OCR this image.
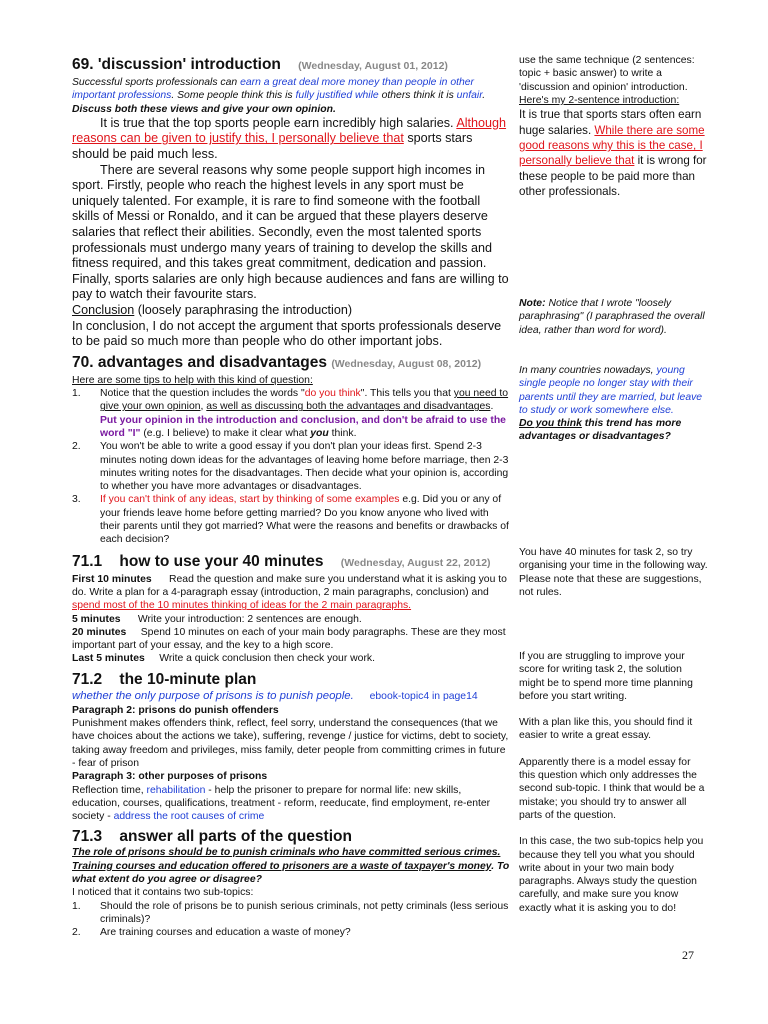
69. 'discussion' introduction (Wednesday, August 01, 2012)

Successful sports professionals can earn a great deal more money than people in other important professions. Some people think this is fully justified while others think it is unfair.

Discuss both these views and give your own opinion.

It is true that the top sports people earn incredibly high salaries. Although reasons can be given to justify this, I personally believe that sports stars should be paid much less.

There are several reasons why some people support high incomes in sport. Firstly, people who reach the highest levels in any sport must be uniquely talented. For example, it is rare to find someone with the football skills of Messi or Ronaldo, and it can be argued that these players deserve salaries that reflect their abilities. Secondly, even the most talented sports professionals must undergo many years of training to develop the skills and fitness required, and this takes great commitment, dedication and passion. Finally, sports salaries are only high because audiences and fans are willing to pay to watch their favourite stars.

Conclusion (loosely paraphrasing the introduction)

In conclusion, I do not accept the argument that sports professionals deserve to be paid so much more than people who do other important jobs.

70. advantages and disadvantages (Wednesday, August 08, 2012)

Here are some tips to help with this kind of question:

1. Notice that the question includes the words "do you think". This tells you that you need to give your own opinion, as well as discussing both the advantages and disadvantages. Put your opinion in the introduction and conclusion, and don't be afraid to use the word "I" (e.g. I believe) to make it clear what you think.
2. You won't be able to write a good essay if you don't plan your ideas first. Spend 2-3 minutes noting down ideas for the advantages of leaving home before marriage, then 2-3 minutes writing notes for the disadvantages. Then decide what your opinion is, according to whether you have more advantages or disadvantages.
3. If you can't think of any ideas, start by thinking of some examples e.g. Did you or any of your friends leave home before getting married? Do you know anyone who lived with their parents until they got married? What were the reasons and benefits or drawbacks of each decision?
71.1 how to use your 40 minutes (Wednesday, August 22, 2012)

First 10 minutes Read the question and make sure you understand what it is asking you to do. Write a plan for a 4-paragraph essay (introduction, 2 main paragraphs, conclusion) and spend most of the 10 minutes thinking of ideas for the 2 main paragraphs.

5 minutes Write your introduction: 2 sentences are enough.

20 minutes Spend 10 minutes on each of your main body paragraphs. These are they most important part of your essay, and the key to a high score.

Last 5 minutes Write a quick conclusion then check your work.

71.2 the 10-minute plan

whether the only purpose of prisons is to punish people. ebook-topic4 in page14

Paragraph 2: prisons do punish offenders

Punishment makes offenders think, reflect, feel sorry, understand the consequences (that we have choices about the actions we take), suffering, revenge / justice for victims, debt to society, taking away freedom and privileges, miss family, deter people from committing crimes in future - fear of prison

Paragraph 3: other purposes of prisons

Reflection time, rehabilitation - help the prisoner to prepare for normal life: new skills, education, courses, qualifications, treatment - reform, reeducate, find employment, re-enter society - address the root causes of crime

71.3 answer all parts of the question

The role of prisons should be to punish criminals who have committed serious crimes. Training courses and education offered to prisoners are a waste of taxpayer's money. To what extent do you agree or disagree?

I noticed that it contains two sub-topics:

1. Should the role of prisons be to punish serious criminals, not petty criminals (less serious criminals)?
2. Are training courses and education a waste of money?

use the same technique (2 sentences: topic + basic answer) to write a 'discussion and opinion' introduction.

Here's my 2-sentence introduction:

It is true that sports stars often earn huge salaries. While there are some good reasons why this is the case, I personally believe that it is wrong for these people to be paid more than other professionals.

Note: Notice that I wrote "loosely paraphrasing" (I paraphrased the overall idea, rather than word for word).

In many countries nowadays, young single people no longer stay with their parents until they are married, but leave to study or work somewhere else.

Do you think this trend has more advantages or disadvantages?

You have 40 minutes for task 2, so try organising your time in the following way. Please note that these are suggestions, not rules.

If you are struggling to improve your score for writing task 2, the solution might be to spend more time planning before you start writing.

With a plan like this, you should find it easier to write a great essay.

Apparently there is a model essay for this question which only addresses the second sub-topic. I think that would be a mistake; you should try to answer all parts of the question.

In this case, the two sub-topics help you because they tell you what you should write about in your two main body paragraphs. Always study the question carefully, and make sure you know exactly what it is asking you to do!

27
